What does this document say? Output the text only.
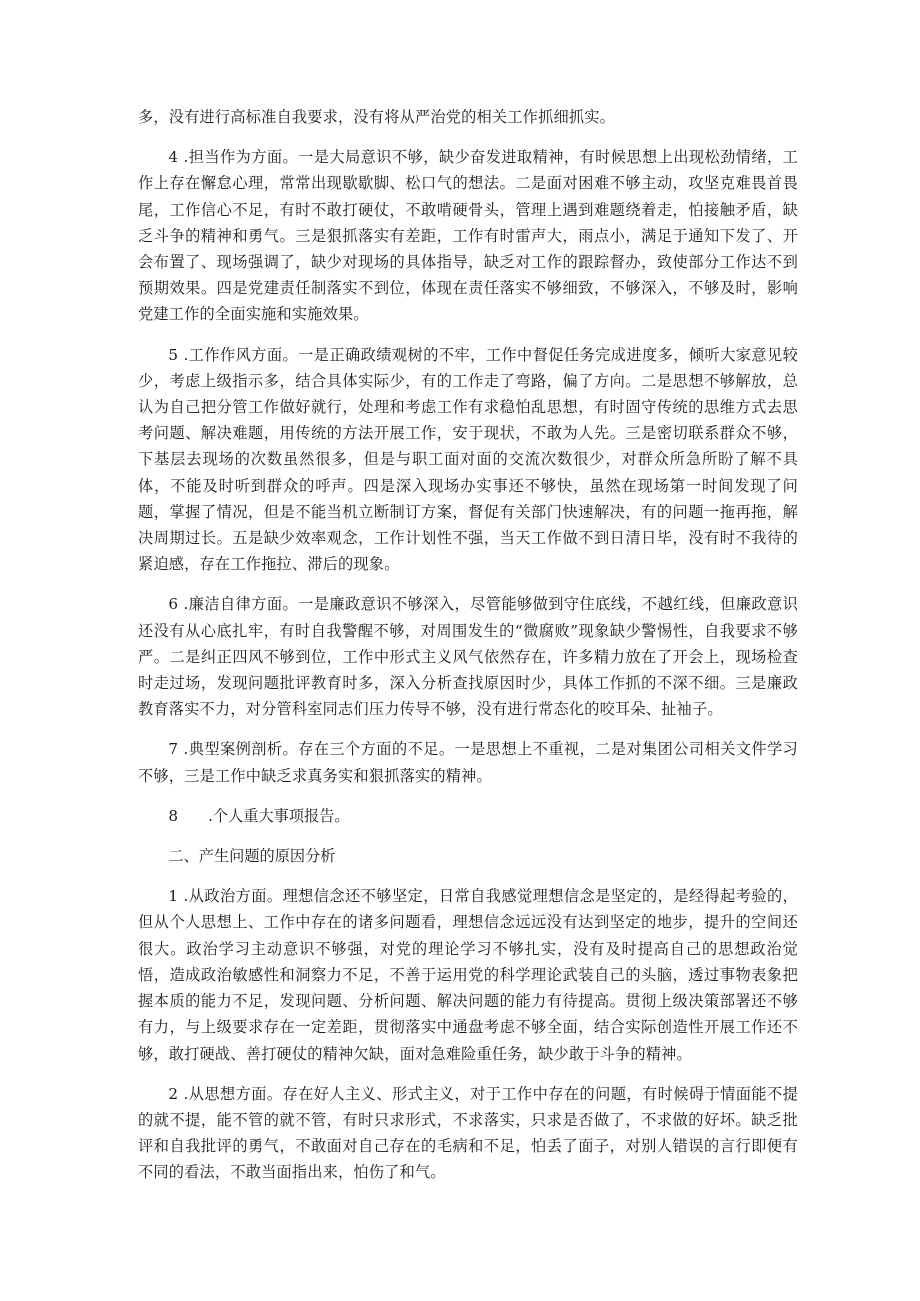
多，没有进行高标准自我要求，没有将从严治党的相关工作抓细抓实。

4 .担当作为方面。一是大局意识不够，缺少奋发进取精神，有时候思想上出现松劲情绪，工作上存在懈怠心理，常常出现歇歇脚、松口气的想法。二是面对困难不够主动，攻坚克难畏首畏尾，工作信心不足，有时不敢打硬仗，不敢啃硬骨头，管理上遇到难题绕着走，怕接触矛盾，缺乏斗争的精神和勇气。三是狠抓落实有差距，工作有时雷声大，雨点小，满足于通知下发了、开会布置了、现场强调了，缺少对现场的具体指导，缺乏对工作的跟踪督办，致使部分工作达不到预期效果。四是党建责任制落实不到位，体现在责任落实不够细致，不够深入，不够及时，影响党建工作的全面实施和实施效果。

5 .工作作风方面。一是正确政绩观树的不牢，工作中督促任务完成进度多，倾听大家意见较少，考虑上级指示多，结合具体实际少，有的工作走了弯路，偏了方向。二是思想不够解放，总认为自己把分管工作做好就行，处理和考虑工作有求稳怕乱思想，有时固守传统的思维方式去思考问题、解决难题，用传统的方法开展工作，安于现状，不敢为人先。三是密切联系群众不够，下基层去现场的次数虽然很多，但是与职工面对面的交流次数很少，对群众所急所盼了解不具体，不能及时听到群众的呼声。四是深入现场办实事还不够快，虽然在现场第一时间发现了问题，掌握了情况，但是不能当机立断制订方案，督促有关部门快速解决，有的问题一拖再拖，解决周期过长。五是缺少效率观念，工作计划性不强，当天工作做不到日清日毕，没有时不我待的紧迫感，存在工作拖拉、滞后的现象。

6 .廉洁自律方面。一是廉政意识不够深入，尽管能够做到守住底线，不越红线，但廉政意识还没有从心底扎牢，有时自我警醒不够，对周围发生的“微腐败”现象缺少警惕性，自我要求不够严。二是纠正四风不够到位，工作中形式主义风气依然存在，许多精力放在了开会上，现场检查时走过场，发现问题批评教育时多，深入分析查找原因时少，具体工作抓的不深不细。三是廉政教育落实不力，对分管科室同志们压力传导不够，没有进行常态化的咬耳朵、扯袖子。

7 .典型案例剖析。存在三个方面的不足。一是思想上不重视，二是对集团公司相关文件学习不够，三是工作中缺乏求真务实和狠抓落实的精神。

8 .个人重大事项报告。

二、产生问题的原因分析

1 .从政治方面。理想信念还不够坚定，日常自我感觉理想信念是坚定的，是经得起考验的，但从个人思想上、工作中存在的诸多问题看，理想信念远远没有达到坚定的地步，提升的空间还很大。政治学习主动意识不够强，对党的理论学习不够扎实，没有及时提高自己的思想政治觉悟，造成政治敏感性和洞察力不足，不善于运用党的科学理论武装自己的头脑，透过事物表象把握本质的能力不足，发现问题、分析问题、解决问题的能力有待提高。贯彻上级决策部署还不够有力，与上级要求存在一定差距，贯彻落实中通盘考虑不够全面，结合实际创造性开展工作还不够，敢打硬战、善打硬仗的精神欠缺，面对急难险重任务，缺少敢于斗争的精神。

2 .从思想方面。存在好人主义、形式主义，对于工作中存在的问题，有时候碍于情面能不提的就不提，能不管的就不管，有时只求形式，不求落实，只求是否做了，不求做的好坏。缺乏批评和自我批评的勇气，不敢面对自己存在的毛病和不足，怕丢了面子，对别人错误的言行即便有不同的看法，不敢当面指出来，怕伤了和气。
